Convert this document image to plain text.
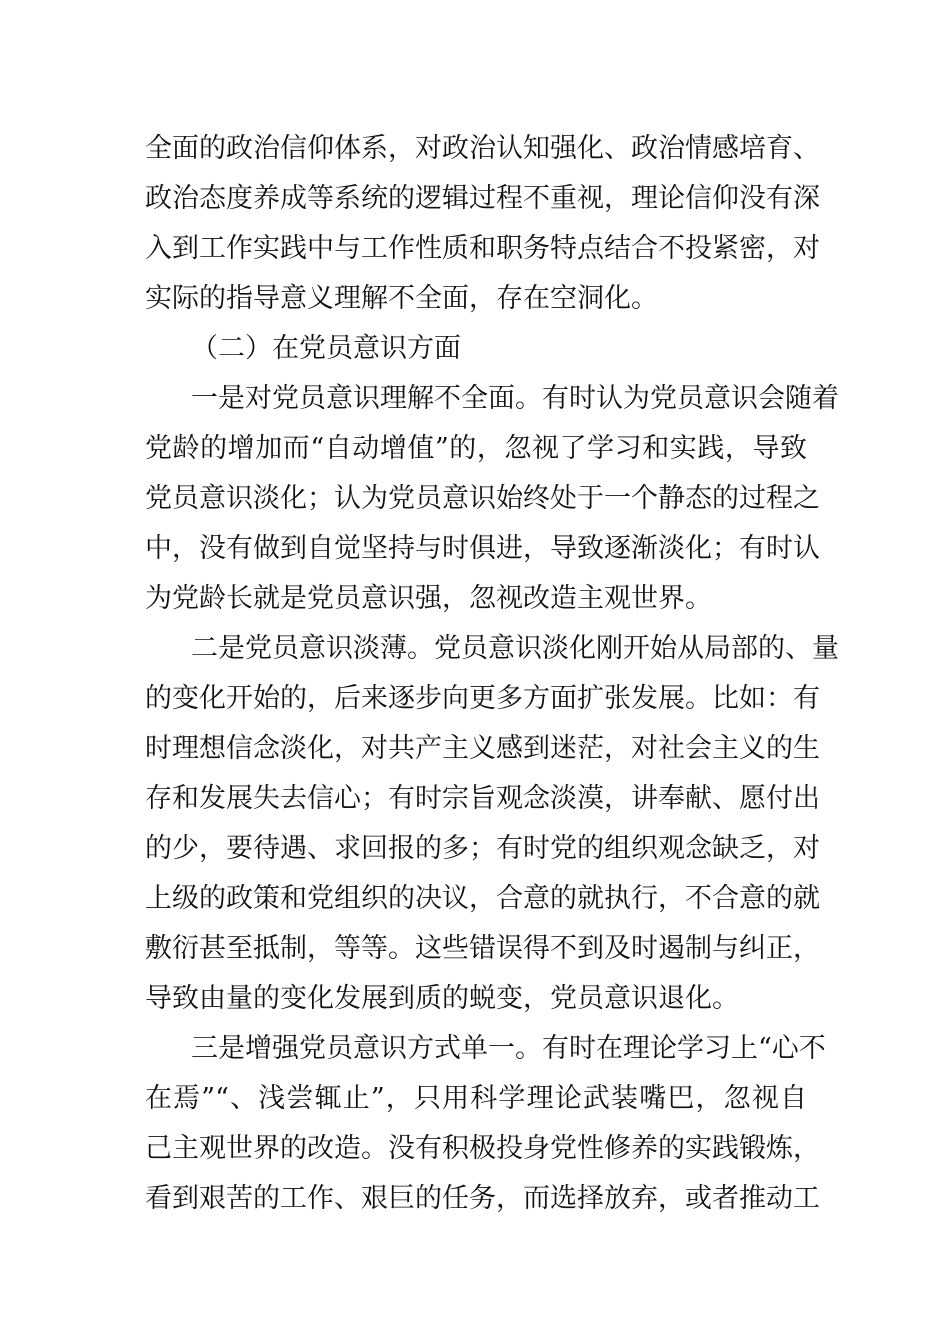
全面的政治信仰体系，对政治认知强化、政治情感培育、
政治态度养成等系统的逻辑过程不重视，理论信仰没有深
入到工作实践中与工作性质和职务特点结合不投紧密，对
实际的指导意义理解不全面，存在空洞化。
（二）在党员意识方面
一是对党员意识理解不全面。有时认为党员意识会随着
党龄的增加而“自动增值”的，忽视了学习和实践，导致
党员意识淡化；认为党员意识始终处于一个静态的过程之
中，没有做到自觉坚持与时俱进，导致逐渐淡化；有时认
为党龄长就是党员意识强，忽视改造主观世界。
二是党员意识淡薄。党员意识淡化刚开始从局部的、量
的变化开始的，后来逐步向更多方面扩张发展。比如：有
时理想信念淡化，对共产主义感到迷茫，对社会主义的生
存和发展失去信心；有时宗旨观念淡漠，讲奉献、愿付出
的少，要待遇、求回报的多；有时党的组织观念缺乏，对
上级的政策和党组织的决议，合意的就执行，不合意的就
敷衍甚至抵制，等等。这些错误得不到及时遏制与纠正，
导致由量的变化发展到质的蜕变，党员意识退化。
三是增强党员意识方式单一。有时在理论学习上“心不
在焉”“、浅尝辄止”，只用科学理论武装嘴巴，忽视自
己主观世界的改造。没有积极投身党性修养的实践锻炼，
看到艰苦的工作、艰巨的任务，而选择放弃，或者推动工
